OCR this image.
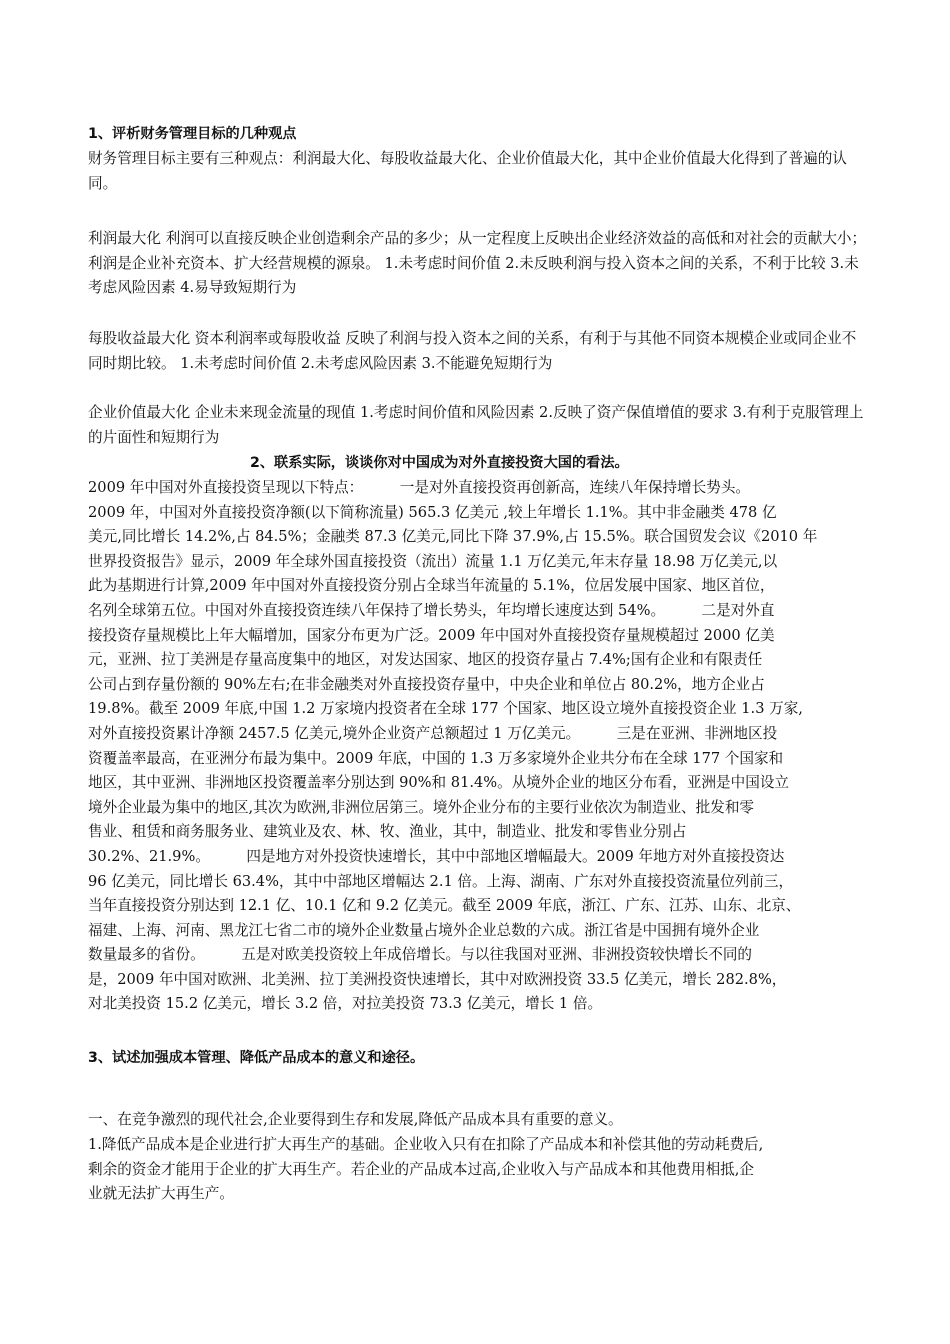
1、评析财务管理目标的几种观点
财务管理目标主要有三种观点：利润最大化、每股收益最大化、企业价值最大化，其中企业价值最大化得到了普遍的认同。
利润最大化 利润可以直接反映企业创造剩余产品的多少；从一定程度上反映出企业经济效益的高低和对社会的贡献大小；利润是企业补充资本、扩大经营规模的源泉。 1.未考虑时间价值 2.未反映利润与投入资本之间的关系，不利于比较 3.未考虑风险因素 4.易导致短期行为
每股收益最大化 资本利润率或每股收益 反映了利润与投入资本之间的关系，有利于与其他不同资本规模企业或同企业不同时期比较。 1.未考虑时间价值 2.未考虑风险因素 3.不能避免短期行为
企业价值最大化 企业未来现金流量的现值 1.考虑时间价值和风险因素 2.反映了资产保值增值的要求 3.有利于克服管理上的片面性和短期行为
2、联系实际，谈谈你对中国成为对外直接投资大国的看法。
2009 年中国对外直接投资呈现以下特点：　　　一是对外直接投资再创新高，连续八年保持增长势头。
2009 年，中国对外直接投资净额(以下简称流量) 565.3 亿美元 ,较上年增长 1.1%。其中非金融类 478 亿
美元,同比增长 14.2%,占 84.5%；金融类 87.3 亿美元,同比下降 37.9%,占 15.5%。联合国贸发会议《2010 年
世界投资报告》显示，2009 年全球外国直接投资（流出）流量 1.1 万亿美元,年末存量 18.98 万亿美元,以
此为基期进行计算,2009 年中国对外直接投资分别占全球当年流量的 5.1%，位居发展中国家、地区首位，
名列全球第五位。中国对外直接投资连续八年保持了增长势头，年均增长速度达到 54%。　　　二是对外直
接投资存量规模比上年大幅增加，国家分布更为广泛。2009 年中国对外直接投资存量规模超过 2000 亿美
元，亚洲、拉丁美洲是存量高度集中的地区，对发达国家、地区的投资存量占 7.4%;国有企业和有限责任
公司占到存量份额的 90%左右;在非金融类对外直接投资存量中，中央企业和单位占 80.2%，地方企业占
19.8%。截至 2009 年底,中国 1.2 万家境内投资者在全球 177 个国家、地区设立境外直接投资企业 1.3 万家,
对外直接投资累计净额 2457.5 亿美元,境外企业资产总额超过 1 万亿美元。　　　三是在亚洲、非洲地区投
资覆盖率最高，在亚洲分布最为集中。2009 年底，中国的 1.3 万多家境外企业共分布在全球 177 个国家和
地区，其中亚洲、非洲地区投资覆盖率分别达到 90%和 81.4%。从境外企业的地区分布看，亚洲是中国设立
境外企业最为集中的地区,其次为欧洲,非洲位居第三。境外企业分布的主要行业依次为制造业、批发和零
售业、租赁和商务服务业、建筑业及农、林、牧、渔业，其中，制造业、批发和零售业分别占
30.2%、21.9%。　　　四是地方对外投资快速增长，其中中部地区增幅最大。2009 年地方对外直接投资达
96 亿美元，同比增长 63.4%，其中中部地区增幅达 2.1 倍。上海、湖南、广东对外直接投资流量位列前三，
当年直接投资分别达到 12.1 亿、10.1 亿和 9.2 亿美元。截至 2009 年底，浙江、广东、江苏、山东、北京、
福建、上海、河南、黑龙江七省二市的境外企业数量占境外企业总数的六成。浙江省是中国拥有境外企业
数量最多的省份。　　　五是对欧美投资较上年成倍增长。与以往我国对亚洲、非洲投资较快增长不同的
是，2009 年中国对欧洲、北美洲、拉丁美洲投资快速增长，其中对欧洲投资 33.5 亿美元，增长 282.8%，
对北美投资 15.2 亿美元，增长 3.2 倍，对拉美投资 73.3 亿美元，增长 1 倍。
3、试述加强成本管理、降低产品成本的意义和途径。
一、在竞争激烈的现代社会,企业要得到生存和发展,降低产品成本具有重要的意义。
1.降低产品成本是企业进行扩大再生产的基础。企业收入只有在扣除了产品成本和补偿其他的劳动耗费后,
剩余的资金才能用于企业的扩大再生产。若企业的产品成本过高,企业收入与产品成本和其他费用相抵,企
业就无法扩大再生产。
